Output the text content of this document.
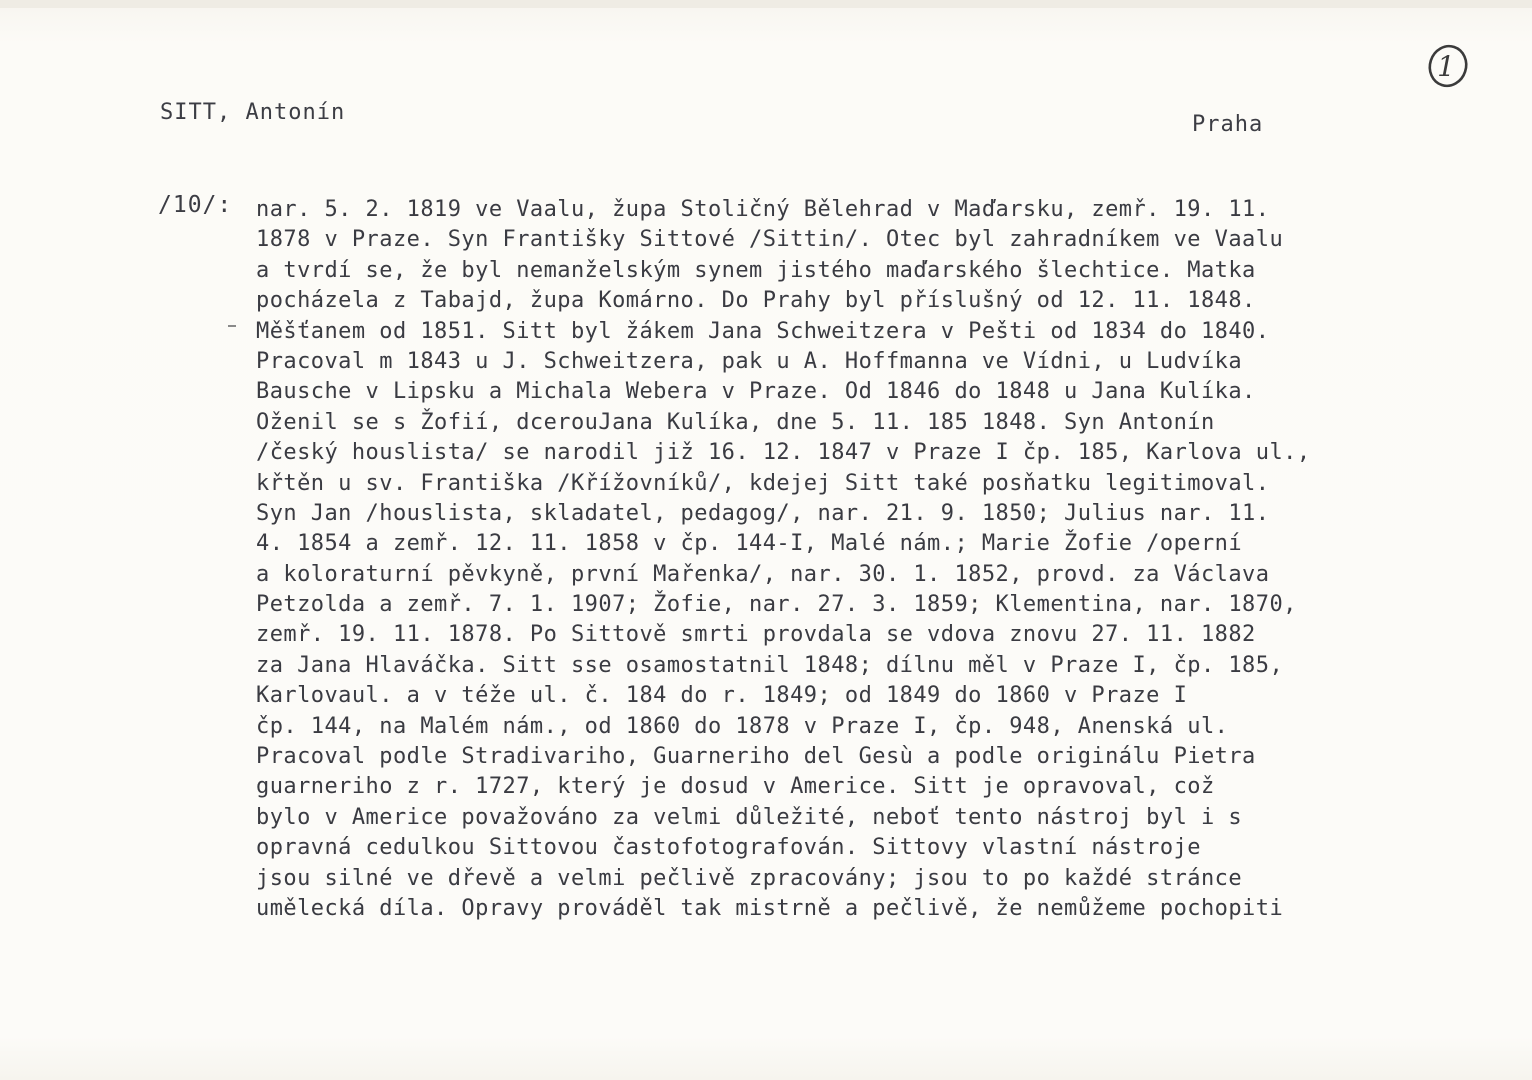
1
SITT, Antonín	Praha
/10/: nar. 5. 2. 1819 ve Vaalu, župa Stoličný Bělehrad v Maďarsku, zemř. 19. 11.
1878 v Praze. Syn Františky Sittové /Sittin/. Otec byl zahradníkem ve Vaalu
a tvrdí se, že byl nemanželským synem jistého maďarského šlechtice. Matka
pocházela z Tabajd, župa Komárno. Do Prahy byl příslušný od 12. 11. 1848.
Měšťanem od 1851. Sitt byl žákem Jana Schweitzera v Pešti od 1834 do 1840.
Pracoval m 1843 u J. Schweitzera, pak u A. Hoffmanna ve Vídni, u Ludvíka
Bausche v Lipsku a Michala Webera v Praze. Od 1846 do 1848 u Jana Kulíka.
Oženil se s Žofií, dcerouJana Kulíka, dne 5. 11. 185 1848. Syn Antonín
/český houslista/ se narodil již 16. 12. 1847 v Praze I čp. 185, Karlova ul.,
křtěn u sv. Františka /Křížovníků/, kdejej Sitt také posňatku legitimoval.
Syn Jan /houslista, skladatel, pedagog/, nar. 21. 9. 1850; Julius nar. 11.
4. 1854 a zemř. 12. 11. 1858 v čp. 144-I, Malé nám.; Marie Žofie /operní
a koloraturní pěvkyně, první Mařenka/, nar. 30. 1. 1852, provd. za Václava
Petzolda a zemř. 7. 1. 1907; Žofie, nar. 27. 3. 1859; Klementina, nar. 1870,
zemř. 19. 11. 1878. Po Sittově smrti provdala se vdova znovu 27. 11. 1882
za Jana Hlaváčka. Sitt sse osamostatnil 1848; dílnu měl v Praze I, čp. 185,
Karlovaul. a v téže ul. č. 184 do r. 1849; od 1849 do 1860 v Praze I
čp. 144, na Malém nám., od 1860 do 1878 v Praze I, čp. 948, Anenská ul.
Pracoval podle Stradivariho, Guarneriho del Gesù a podle originálu Pietra
guarneriho z r. 1727, který je dosud v Americe. Sitt je opravoval, což
bylo v Americe považováno za velmi důležité, neboť tento nástroj byl i s
opravná cedulkou Sittovou častofotografován. Sittovy vlastní nástroje
jsou silné ve dřevě a velmi pečlivě zpracovány; jsou to po každé stránce
umělecká díla. Opravy prováděl tak mistrně a pečlivě, že nemůžeme pochopiti
